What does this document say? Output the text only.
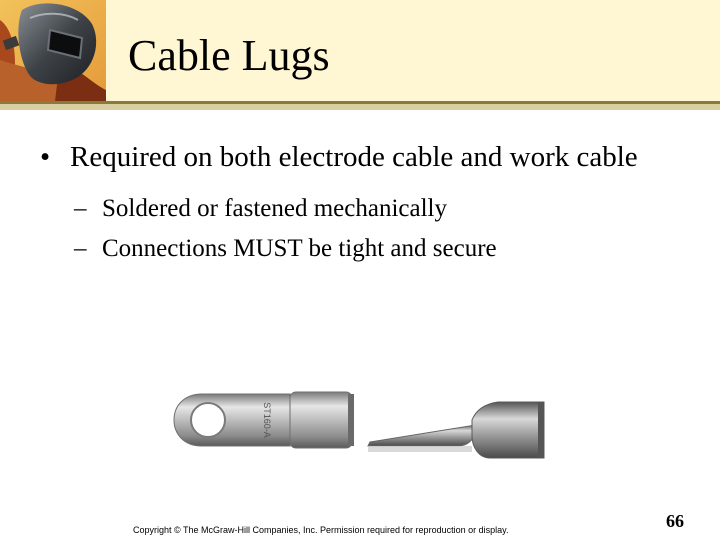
Cable Lugs
• Required on both electrode cable and work cable
– Soldered or fastened mechanically
– Connections MUST be tight and secure
ST160-A
Copyright © The McGraw-Hill Companies, Inc. Permission required for reproduction or display.	66
